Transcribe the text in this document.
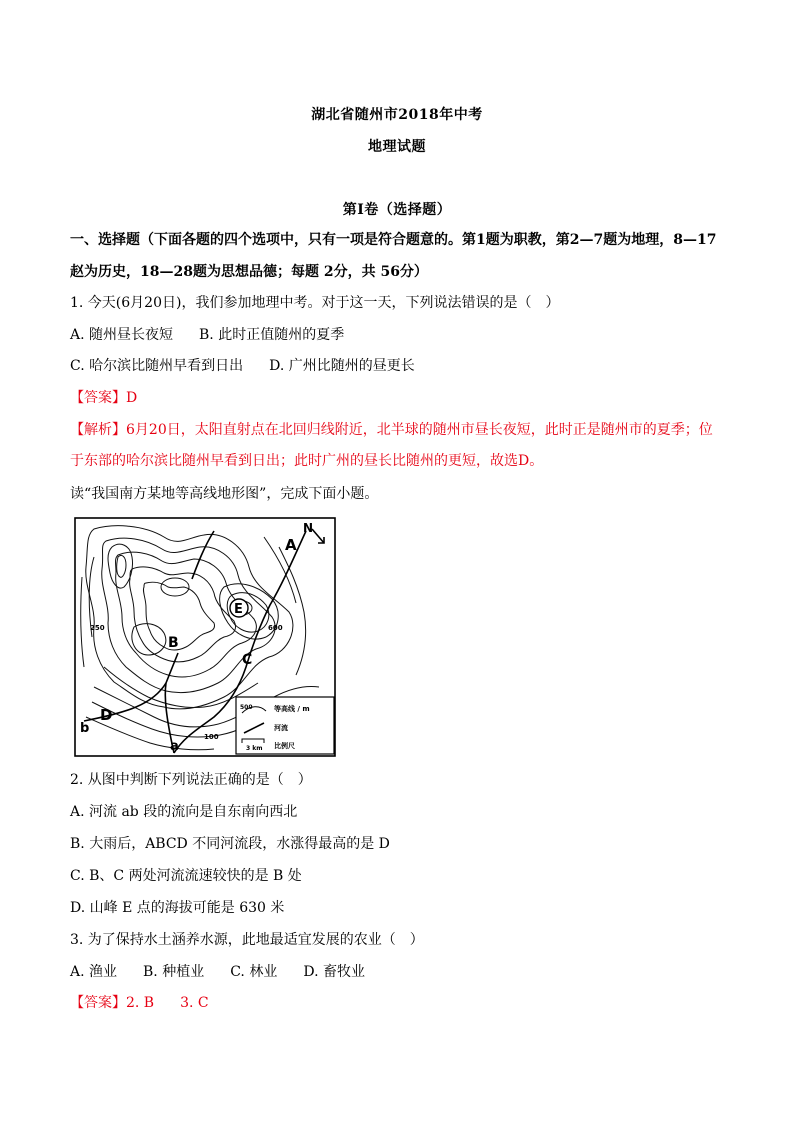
湖北省随州市2018年中考
地理试题
第Ⅰ卷（选择题）
一、选择题（下面各题的四个选项中，只有一项是符合题意的。第1题为职教，第2—7题为地理，8—17
赵为历史，18—28题为思想品德；每题 2分，共 56分）
1. 今天(6月20日)，我们参加地理中考。对于这一天，下列说法错误的是（　）
A. 随州昼长夜短 B. 此时正值随州的夏季
C. 哈尔滨比随州早看到日出 D. 广州比随州的昼更长
【答案】D
【解析】6月20日，太阳直射点在北回归线附近，北半球的随州市昼长夜短，此时正是随州市的夏季；位
于东部的哈尔滨比随州早看到日出；此时广州的昼长比随州的更短，故选D。
读“我国南方某地等高线地形图”，完成下面小题。
N
A
B
C
D
E
a
b
250	600
100
500	等高线 / m
河流
3 km 比例尺
2. 从图中判断下列说法正确的是（　）
A. 河流 ab 段的流向是自东南向西北
B. 大雨后，ABCD 不同河流段，水涨得最高的是 D
C. B、C 两处河流流速较快的是 B 处
D. 山峰 E 点的海拔可能是 630 米
3. 为了保持水土涵养水源，此地最适宜发展的农业（　）
A. 渔业 B. 种植业 C. 林业 D. 畜牧业
【答案】2. B 3. C
